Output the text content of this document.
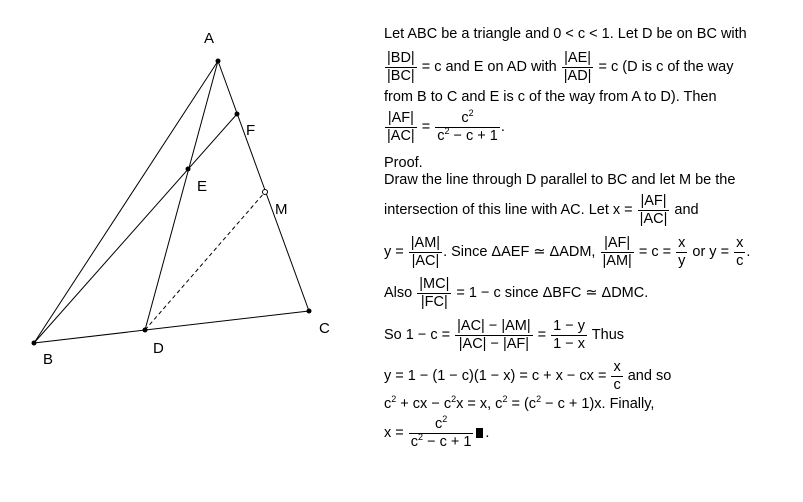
A
B
C
D
E
F
M
Let ABC be a triangle and 0 < c < 1. Let D be on BC with
$\frac{|BD|}{|BC|} = c$ and E on AD with $\frac{|AE|}{|AD|} = c$ (D is c of the way
from B to C and E is c of the way from A to D). Then
$\frac{|AF|}{|AC|} = \frac{c^2}{c^2 - c + 1}$ .
Proof.
Draw the line through D parallel to BC and let M be the
intersection of this line with AC. Let $x = \frac{|AF|}{|AC|}$ and
$y = \frac{|AM|}{|AC|}$ . Since ΔAEF ≃ ΔADM, $\frac{|AF|}{|AM|} = c = \frac{x}{y}$ or $y = \frac{x}{c}$ .
Also $\frac{|MC|}{|FC|} = 1 - c$ since ΔBFC ≃ ΔDMC.
So $1 - c = \frac{|AC| - |AM|}{|AC| - |AF|} = \frac{1 - y}{1 - x}$ Thus
y = 1 − (1 − c)(1 − x) = c + x − cx = $\frac{x}{c}$ and so
$c^2$ + cx − $c^2x = x$, $c^2 = (c^2 - c + 1)x$. Finally,
$x = \frac{c^2}{c^2 - c + 1}$ .
